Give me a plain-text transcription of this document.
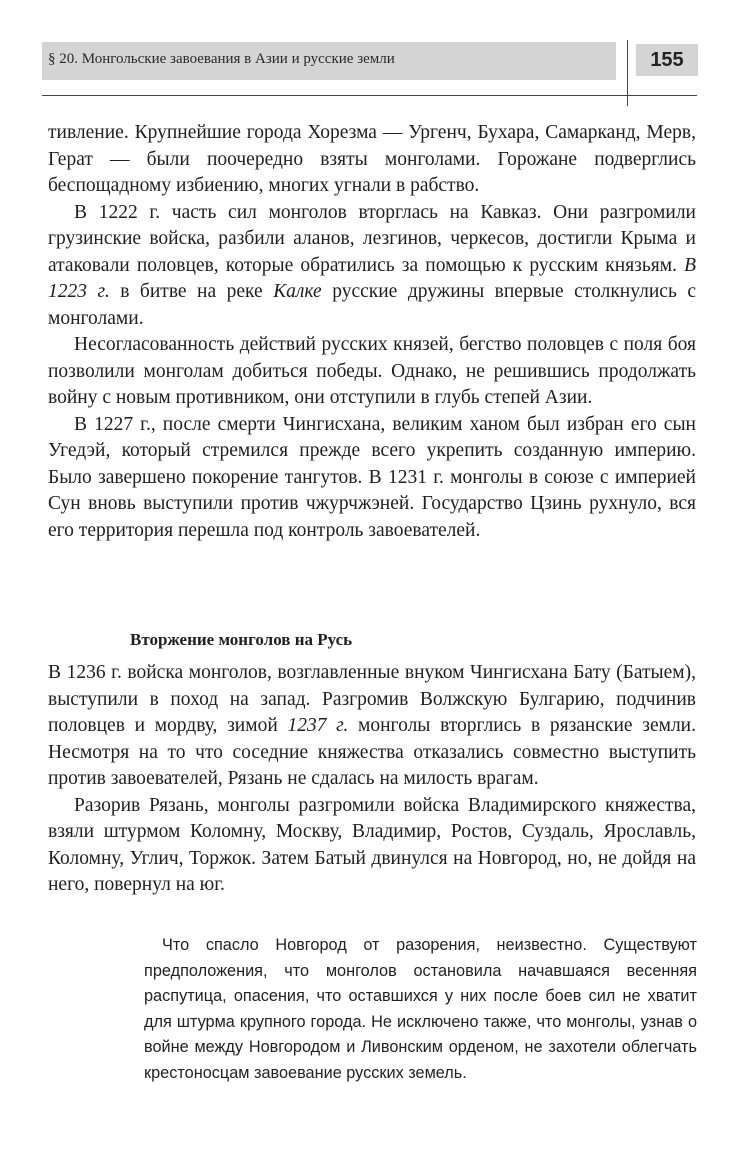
§ 20. Монгольские завоевания в Азии и русские земли	155

тивление. Крупнейшие города Хорезма — Ургенч, Бухара, Самарканд, Мерв, Герат — были поочередно взяты монголами. Горожане подверглись беспощадному избиению, многих угнали в рабство.

В 1222 г. часть сил монголов вторглась на Кавказ. Они разгромили грузинские войска, разбили аланов, лезгинов, черкесов, достигли Крыма и атаковали половцев, которые обратились за помощью к русским князьям. В 1223 г. в битве на реке Калке русские дружины впервые столкнулись с монголами.

Несогласованность действий русских князей, бегство половцев с поля боя позволили монголам добиться победы. Однако, не решившись продолжать войну с новым противником, они отступили в глубь степей Азии.

В 1227 г., после смерти Чингисхана, великим ханом был избран его сын Угедэй, который стремился прежде всего укрепить созданную империю. Было завершено покорение тангутов. В 1231 г. монголы в союзе с империей Сун вновь выступили против чжурчжэней. Государство Цзинь рухнуло, вся его территория перешла под контроль завоевателей.

Вторжение монголов на Русь

В 1236 г. войска монголов, возглавленные внуком Чингисхана Бату (Батыем), выступили в поход на запад. Разгромив Волжскую Булгарию, подчинив половцев и мордву, зимой 1237 г. монголы вторглись в рязанские земли. Несмотря на то что соседние княжества отказались совместно выступить против завоевателей, Рязань не сдалась на милость врагам.

Разорив Рязань, монголы разгромили войска Владимирского княжества, взяли штурмом Коломну, Москву, Владимир, Ростов, Суздаль, Ярославль, Коломну, Углич, Торжок. Затем Батый двинулся на Новгород, но, не дойдя на него, повернул на юг.

Что спасло Новгород от разорения, неизвестно. Существуют предположения, что монголов остановила начавшаяся весенняя распутица, опасения, что оставшихся у них после боев сил не хватит для штурма крупного города. Не исключено также, что монголы, узнав о войне между Новгородом и Ливонским орденом, не захотели облегчать крестоносцам завоевание русских земель.
